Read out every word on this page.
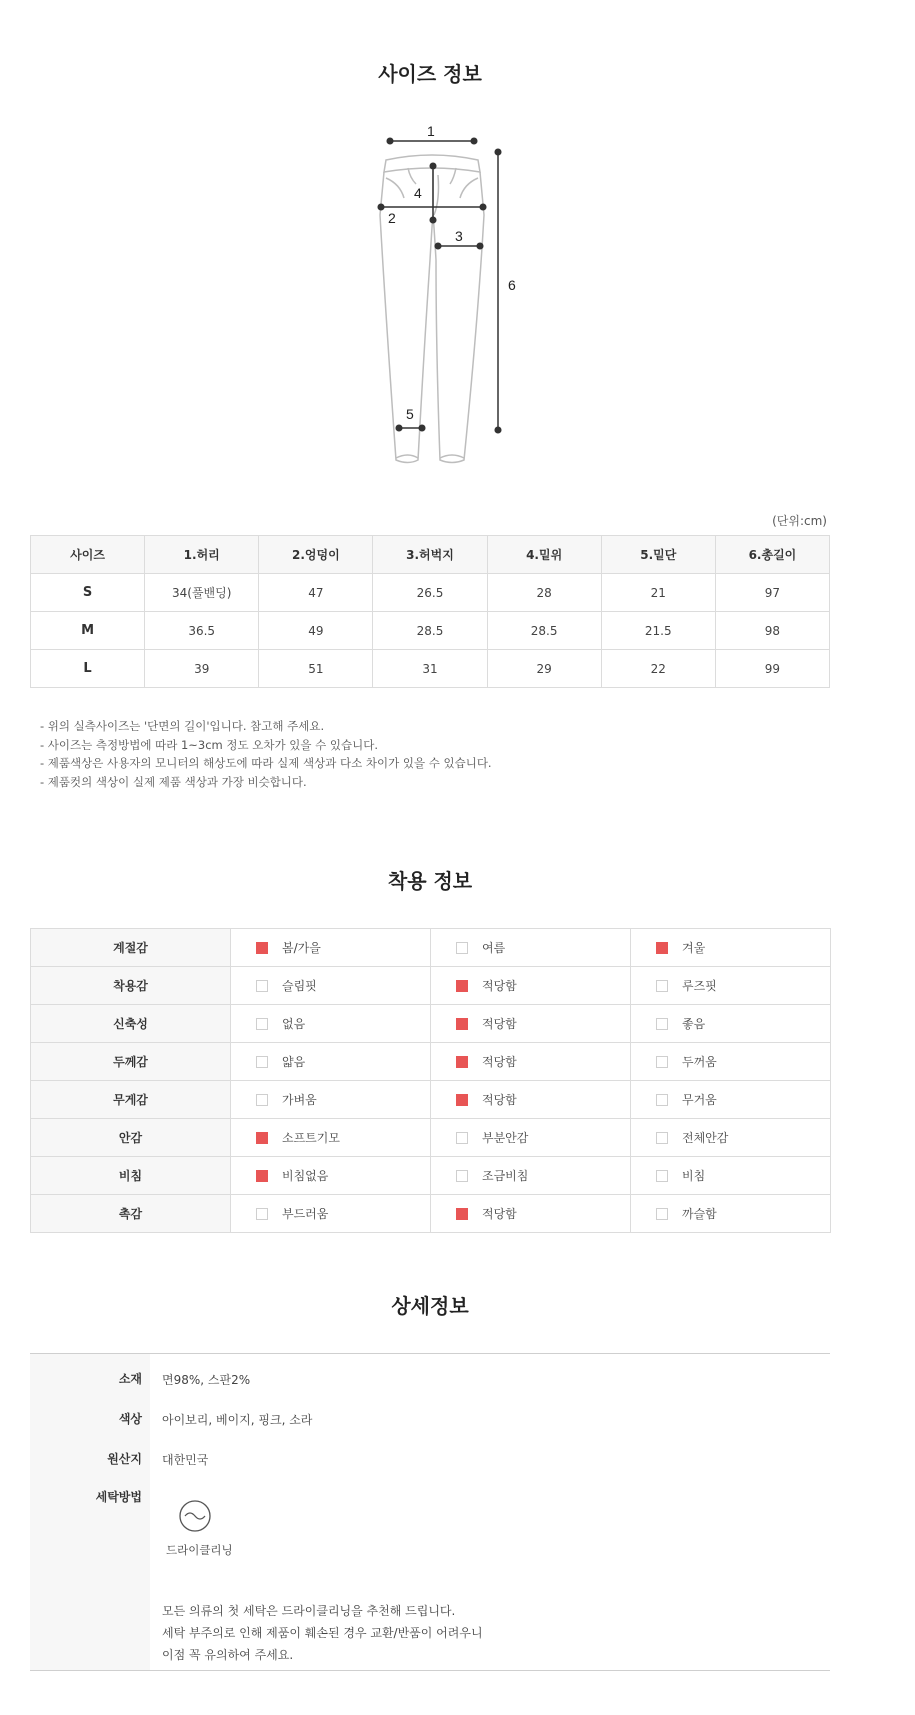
사이즈 정보
1
2
3
4
5
6
(단위:cm)
사이즈	1.허리	2.엉덩이	3.허벅지	4.밑위	5.밑단	6.총길이
S	34(풀밴딩)	47	26.5	28	21	97
M	36.5	49	28.5	28.5	21.5	98
L	39	51	31	29	22	99
- 위의 실측사이즈는 '단면의 길이'입니다. 참고해 주세요.
- 사이즈는 측정방법에 따라 1~3cm 정도 오차가 있을 수 있습니다.
- 제품색상은 사용자의 모니터의 해상도에 따라 실제 색상과 다소 차이가 있을 수 있습니다.
- 제품컷의 색상이 실제 제품 색상과 가장 비슷합니다.
착용 정보
계절감	봄/가을	여름	겨울
착용감	슬림핏	적당함	루즈핏
신축성	없음	적당함	좋음
두께감	얇음	적당함	두꺼움
무게감	가벼움	적당함	무거움
안감	소프트기모	부분안감	전체안감
비침	비침없음	조금비침	비침
촉감	부드러움	적당함	까슬함
상세정보
소재 면98%, 스판2%
색상 아이보리, 베이지, 핑크, 소라
원산지 대한민국
세탁방법
드라이클리닝
모든 의류의 첫 세탁은 드라이클리닝을 추천해 드립니다.
세탁 부주의로 인해 제품이 훼손된 경우 교환/반품이 어려우니
이점 꼭 유의하여 주세요.
